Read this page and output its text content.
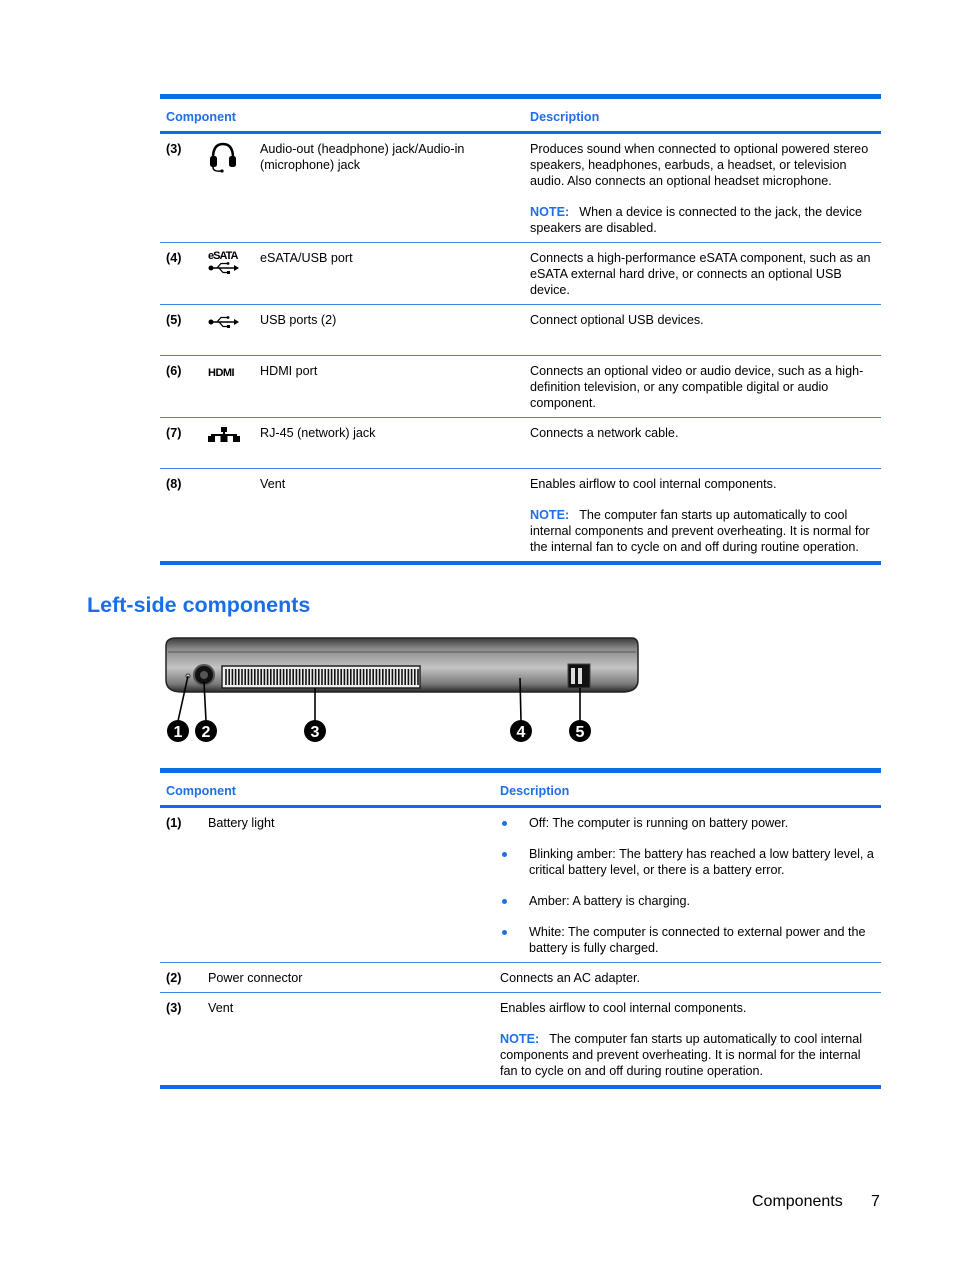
Component			Description
(3)		Audio-out (headphone) jack/Audio-in (microphone) jack	Produces sound when connected to optional powered stereo speakers, headphones, earbuds, a headset, or television audio. Also connects an optional headset microphone.
NOTE: When a device is connected to the jack, the device speakers are disabled.

(4)	eSATA	eSATA/USB port	Connects a high-performance eSATA component, such as an eSATA external hard drive, or connects an optional USB device.
(5)		USB ports (2)	Connect optional USB devices.
(6)	HDMI	HDMI port	Connects an optional video or audio device, such as a high-definition television, or any compatible digital or audio component.
(7)		RJ-45 (network) jack	Connects a network cable.
(8)		Vent	Enables airflow to cool internal components.
NOTE: The computer fan starts up automatically to cool internal components and prevent overheating. It is normal for the internal fan to cycle on and off during routine operation.
Left-side components
1 2	3	4	5
Component		Description
(1)	Battery light	Off: The computer is running on battery power.
Blinking amber: The battery has reached a low battery level, a critical battery level, or there is a battery error.
Amber: A battery is charging.
White: The computer is connected to external power and the battery is fully charged.

(2)	Power connector	Connects an AC adapter.
(3)	Vent	Enables airflow to cool internal components.
NOTE: The computer fan starts up automatically to cool internal components and prevent overheating. It is normal for the internal fan to cycle on and off during routine operation.
Components 7
